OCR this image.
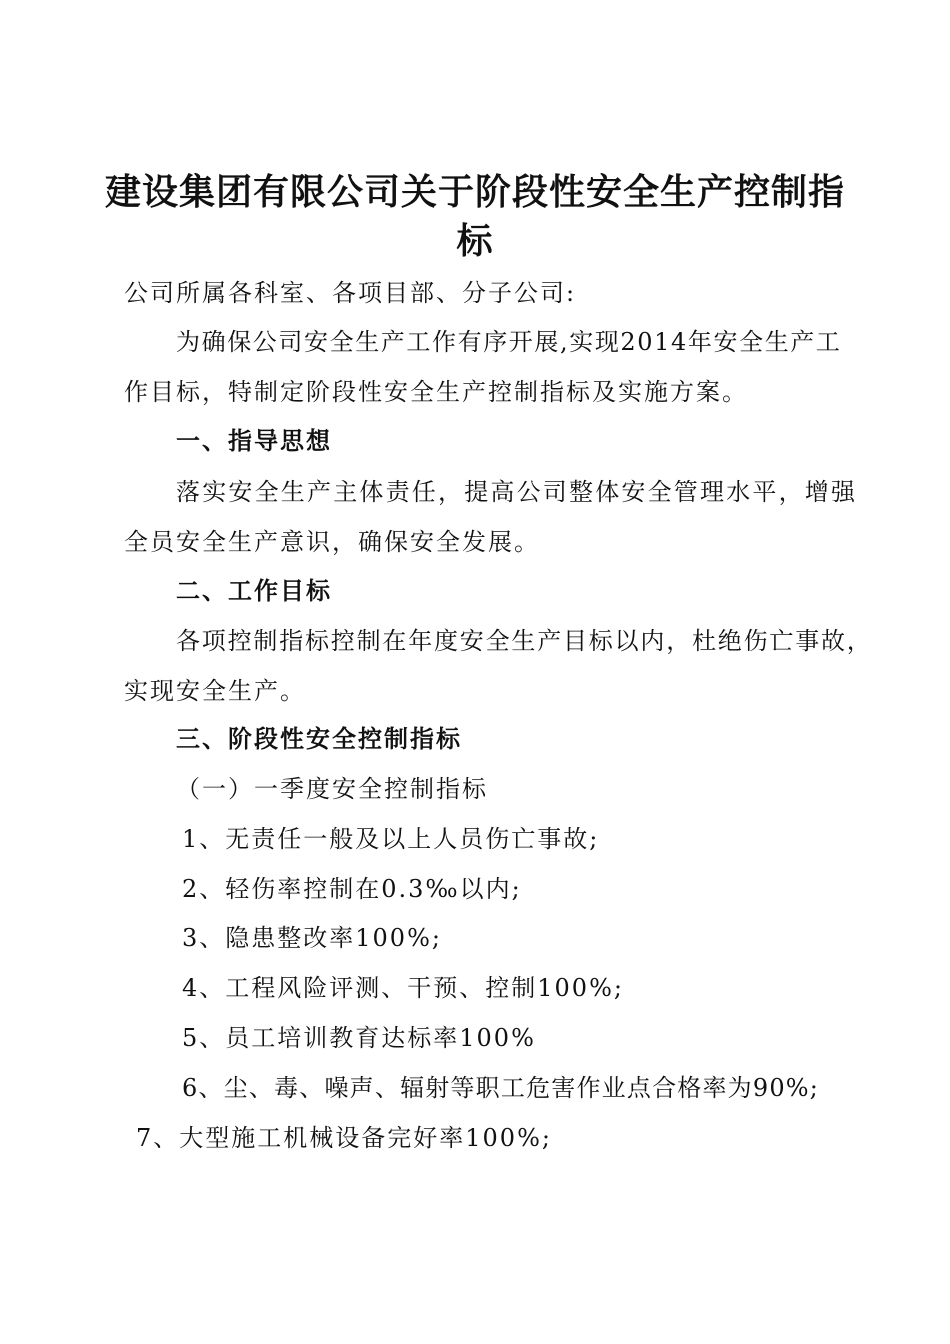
建设集团有限公司关于阶段性安全生产控制指
标
公司所属各科室、各项目部、分子公司:
为确保公司安全生产工作有序开展,实现2014年安全生产工
作目标，特制定阶段性安全生产控制指标及实施方案。
一、指导思想
落实安全生产主体责任，提高公司整体安全管理水平，增强
全员安全生产意识，确保安全发展。
二、工作目标
各项控制指标控制在年度安全生产目标以内，杜绝伤亡事故，
实现安全生产。
三、阶段性安全控制指标
（一）一季度安全控制指标
1、无责任一般及以上人员伤亡事故;
2、轻伤率控制在0.3‰以内;
3、隐患整改率100%;
4、工程风险评测、干预、控制100%;
5、员工培训教育达标率100%
6、尘、毒、噪声、辐射等职工危害作业点合格率为90%;
7、大型施工机械设备完好率100%;
